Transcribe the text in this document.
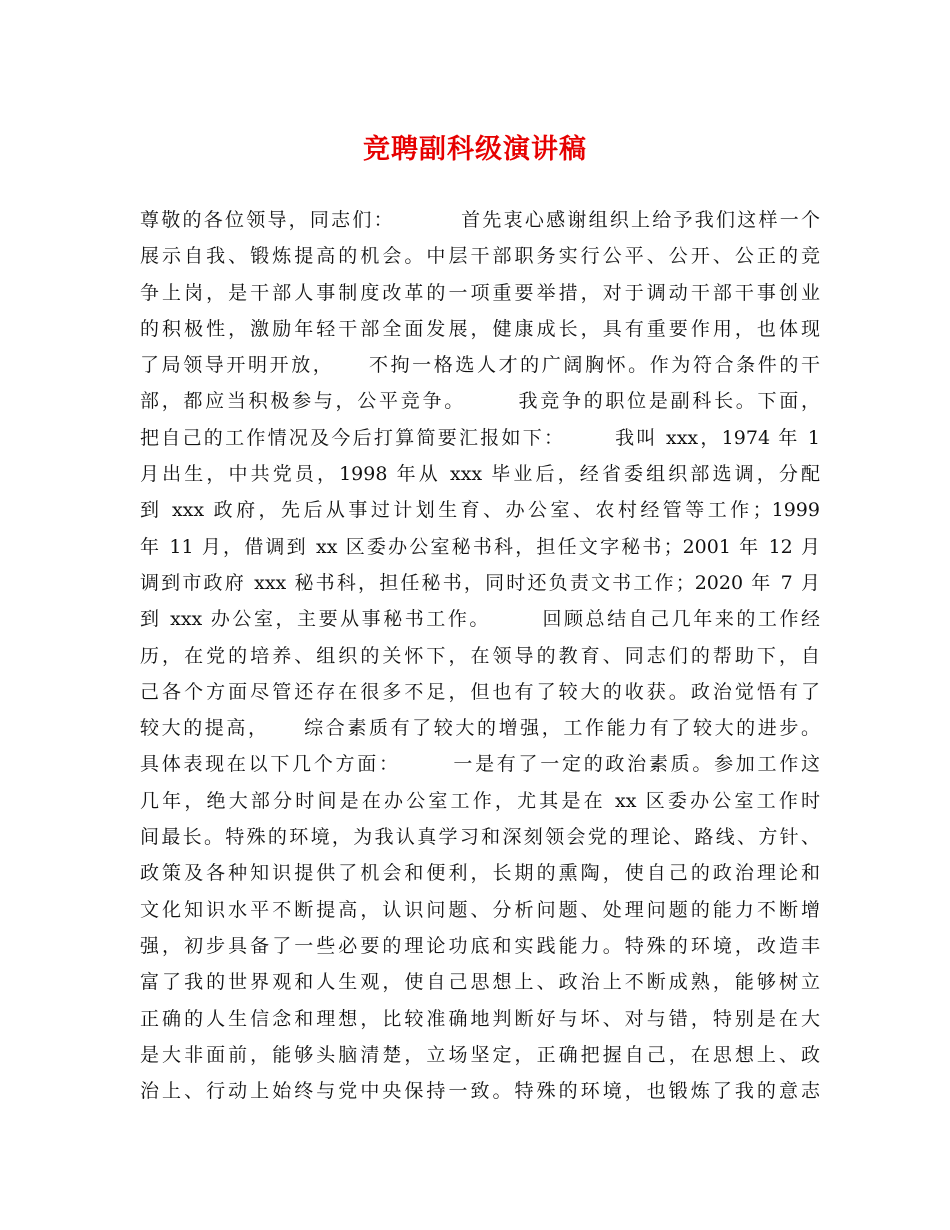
竞聘副科级演讲稿
尊敬的各位领导，同志们：        首先衷心感谢组织上给予我们这样一个
展示自我、锻炼提高的机会。中层干部职务实行公平、公开、公正的竞
争上岗，是干部人事制度改革的一项重要举措，对于调动干部干事创业
的积极性，激励年轻干部全面发展，健康成长，具有重要作用，也体现
了局领导开明开放，    不拘一格选人才的广阔胸怀。作为符合条件的干
部，都应当积极参与，公平竞争。      我竞争的职位是副科长。下面，
把自己的工作情况及今后打算简要汇报如下：      我叫 xxx，1974 年 1
月出生，中共党员，1998 年从 xxx 毕业后，经省委组织部选调，分配
到 xxx 政府，先后从事过计划生育、办公室、农村经管等工作；1999
年 11 月，借调到 xx 区委办公室秘书科，担任文字秘书；2001 年 12 月
调到市政府 xxx 秘书科，担任秘书，同时还负责文书工作；2020 年 7 月
到 xxx 办公室，主要从事秘书工作。      回顾总结自己几年来的工作经
历，在党的培养、组织的关怀下，在领导的教育、同志们的帮助下，自
己各个方面尽管还存在很多不足，但也有了较大的收获。政治觉悟有了
较大的提高，    综合素质有了较大的增强，工作能力有了较大的进步。
具体表现在以下几个方面：      一是有了一定的政治素质。参加工作这
几年，绝大部分时间是在办公室工作，尤其是在 xx 区委办公室工作时
间最长。特殊的环境，为我认真学习和深刻领会党的理论、路线、方针、
政策及各种知识提供了机会和便利，长期的熏陶，使自己的政治理论和
文化知识水平不断提高，认识问题、分析问题、处理问题的能力不断增
强，初步具备了一些必要的理论功底和实践能力。特殊的环境，改造丰
富了我的世界观和人生观，使自己思想上、政治上不断成熟，能够树立
正确的人生信念和理想，比较准确地判断好与坏、对与错，特别是在大
是大非面前，能够头脑清楚，立场坚定，正确把握自己，在思想上、政
治上、行动上始终与党中央保持一致。特殊的环境，也锻炼了我的意志
